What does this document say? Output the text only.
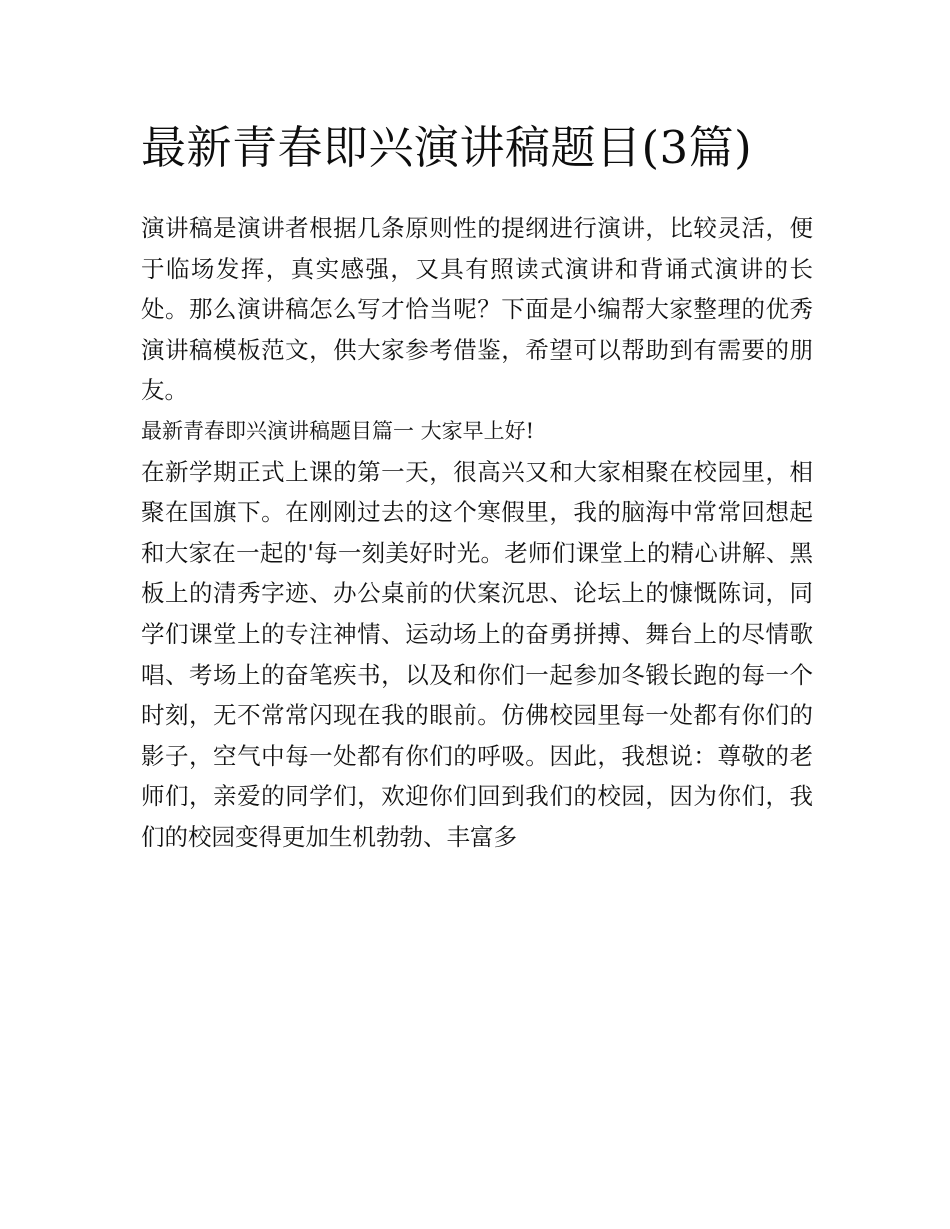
最新青春即兴演讲稿题目(3篇)

演讲稿是演讲者根据几条原则性的提纲进行演讲，比较灵活，便于临场发挥，真实感强，又具有照读式演讲和背诵式演讲的长处。那么演讲稿怎么写才恰当呢？下面是小编帮大家整理的优秀演讲稿模板范文，供大家参考借鉴，希望可以帮助到有需要的朋友。

最新青春即兴演讲稿题目篇一 大家早上好!

在新学期正式上课的第一天，很高兴又和大家相聚在校园里，相聚在国旗下。在刚刚过去的这个寒假里，我的脑海中常常回想起和大家在一起的'每一刻美好时光。老师们课堂上的精心讲解、黑板上的清秀字迹、办公桌前的伏案沉思、论坛上的慷慨陈词，同学们课堂上的专注神情、运动场上的奋勇拼搏、舞台上的尽情歌唱、考场上的奋笔疾书，以及和你们一起参加冬锻长跑的每一个时刻，无不常常闪现在我的眼前。仿佛校园里每一处都有你们的影子，空气中每一处都有你们的呼吸。因此，我想说：尊敬的老师们，亲爱的同学们，欢迎你们回到我们的校园，因为你们，我们的校园变得更加生机勃勃、丰富多
